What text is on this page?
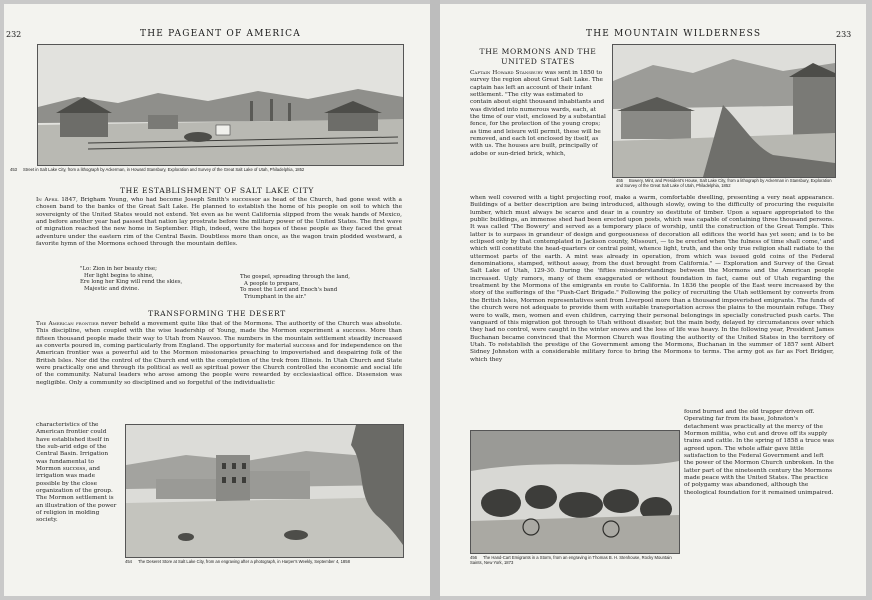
232	THE PAGEANT OF AMERICA
453 Street in Salt Lake City, from a lithograph by Ackerman, in Howard Stansbury, Exploration and Survey of the Great Salt Lake of Utah, Philadelphia, 1852
THE ESTABLISHMENT OF SALT LAKE CITY

In April 1847, Brigham Young, who had become Joseph Smith's successor as head of the Church, had gone west with a chosen band to the banks of the Great Salt Lake. He planned to establish the home of his people on soil to which the sovereignty of the United States would not extend. Yet even as he went California slipped from the weak hands of Mexico, and before another year had passed that nation lay prostrate before the military power of the United States. The first wave of migration reached the new home in September. High, indeed, were the hopes of these people as they faced the great adventure under the eastern rim of the Central Basin. Doubtless more than once, as the wagon train plodded westward, a favorite hymn of the Mormons echoed through the mountain defiles.

"Lo: Zion in her beauty rise;
Her light begins to shine,
Ere long her King will rend the skies,
Majestic and divine.
The gospel, spreading through the land,
A people to prepare,
To meet the Lord and Enoch's band
Triumphant in the air."
TRANSFORMING THE DESERT

The American frontier never beheld a movement quite like that of the Mormons. The authority of the Church was absolute. This discipline, when coupled with the wise leadership of Young, made the Mormon experiment a success. More than fifteen thousand people made their way to Utah from Nauvoo. The numbers in the mountain settlement steadily increased as converts poured in, coming particularly from England. The opportunity for material success and for independence on the American frontier was a powerful aid to the Mormon missionaries preaching to impoverished and despairing folk of the British Isles. Nor did the control of the Church end with the completion of the trek from Illinois. In Utah Church and State were practically one and through its political as well as spiritual power the Church controlled the economic and social life of the community. Natural leaders who arose among the people were rewarded by ecclesiastical office. Dissension was negligible. Only a community so disciplined and so forgetful of the individualistic

characteristics of the American frontier could have established itself in the sub-arid edge of the Central Basin. Irrigation was fundamental to Mormon success, and irrigation was made possible by the close organization of the group. The Mormon settlement is an illustration of the power of religion in molding society.
454 The Deseret Store at Salt Lake City, from an engraving after a photograph, in Harper's Weekly, September 4, 1858
THE MOUNTAIN WILDERNESS	233
THE MORMONS AND THE
UNITED STATES

Captain Howard Stansbury was sent in 1850 to survey the region about Great Salt Lake. The captain has left an account of their infant settlement. "The city was estimated to contain about eight thousand inhabitants and was divided into numerous wards, each, at the time of our visit, enclosed by a substantial fence, for the protection of the young crops; as time and leisure will permit, these will be removed, and each lot enclosed by itself, as with us. The houses are built, principally of adobe or sun-dried brick, which,

455 Bowery, Mint, and President's House, Salt Lake City, from a lithograph by Ackerman in Stansbury, Exploration and Survey of the Great Salt Lake of Utah, Philadelphia, 1852
when well covered with a tight projecting roof, make a warm, comfortable dwelling, presenting a very neat appearance. Buildings of a better description are being introduced, although slowly, owing to the difficulty of procuring the requisite lumber, which must always be scarce and dear in a country so destitute of timber. Upon a square appropriated to the public buildings, an immense shed had been erected upon posts, which was capable of containing three thousand persons. It was called 'The Bowery' and served as a temporary place of worship, until the construction of the Great Temple. This latter is to surpass in grandeur of design and gorgeousness of decoration all edifices the world has yet seen; and is to be eclipsed only by that contemplated in Jackson county, Missouri, — to be erected when 'the fulness of time shall come,' and which will constitute the head-quarters or central point, whence light, truth, and the only true religion shall radiate to the uttermost parts of the earth. A mint was already in operation, from which was issued gold coins of the Federal denominations, stamped, without assay, from the dust brought from California." — Exploration and Survey of the Great Salt Lake of Utah, 129-30. During the 'fifties misunderstandings between the Mormons and the American people increased. Ugly rumors, many of them exaggerated or without foundation in fact, came out of Utah regarding the treatment by the Mormons of the emigrants en route to California. In 1836 the people of the East were increased by the story of the sufferings of the "Push-Cart Brigade." Following the policy of recruiting the Utah settlement by converts from the British Isles, Mormon representatives sent from Liverpool more than a thousand impoverished emigrants. The funds of the church were not adequate to provide them with suitable transportation across the plains to the mountain refuge. They were to walk, men, women and even children, carrying their personal belongings in specially constructed push carts. The vanguard of this migration got through to Utah without disaster, but the main body, delayed by circumstances over which they had no control, were caught in the winter snows and the loss of life was heavy. In the following year, President James Buchanan became convinced that the Mormon Church was flouting the authority of the United States in the territory of Utah. To reëstablish the prestige of the Government among the Mormons, Buchanan in the summer of 1857 sent Albert Sidney Johnston with a considerable military force to bring the Mormons to terms. The army got as far as Fort Bridger, which they
found burned and the old trapper driven off. Operating far from its base, Johnston's detachment was practically at the mercy of the Mormon militia, who cut and drove off its supply trains and cattle. In the spring of 1858 a truce was agreed upon. The whole affair gave little satisfaction to the Federal Government and left the power of the Mormon Church unbroken. In the latter part of the nineteenth century the Mormons made peace with the United States. The practice of polygamy was abandoned, although the theological foundation for it remained unimpaired.
456 The Hand-Cart Emigrants in a Storm, from an engraving in Thomas B. H. Stenhouse, Rocky Mountain Saints, New York, 1873
